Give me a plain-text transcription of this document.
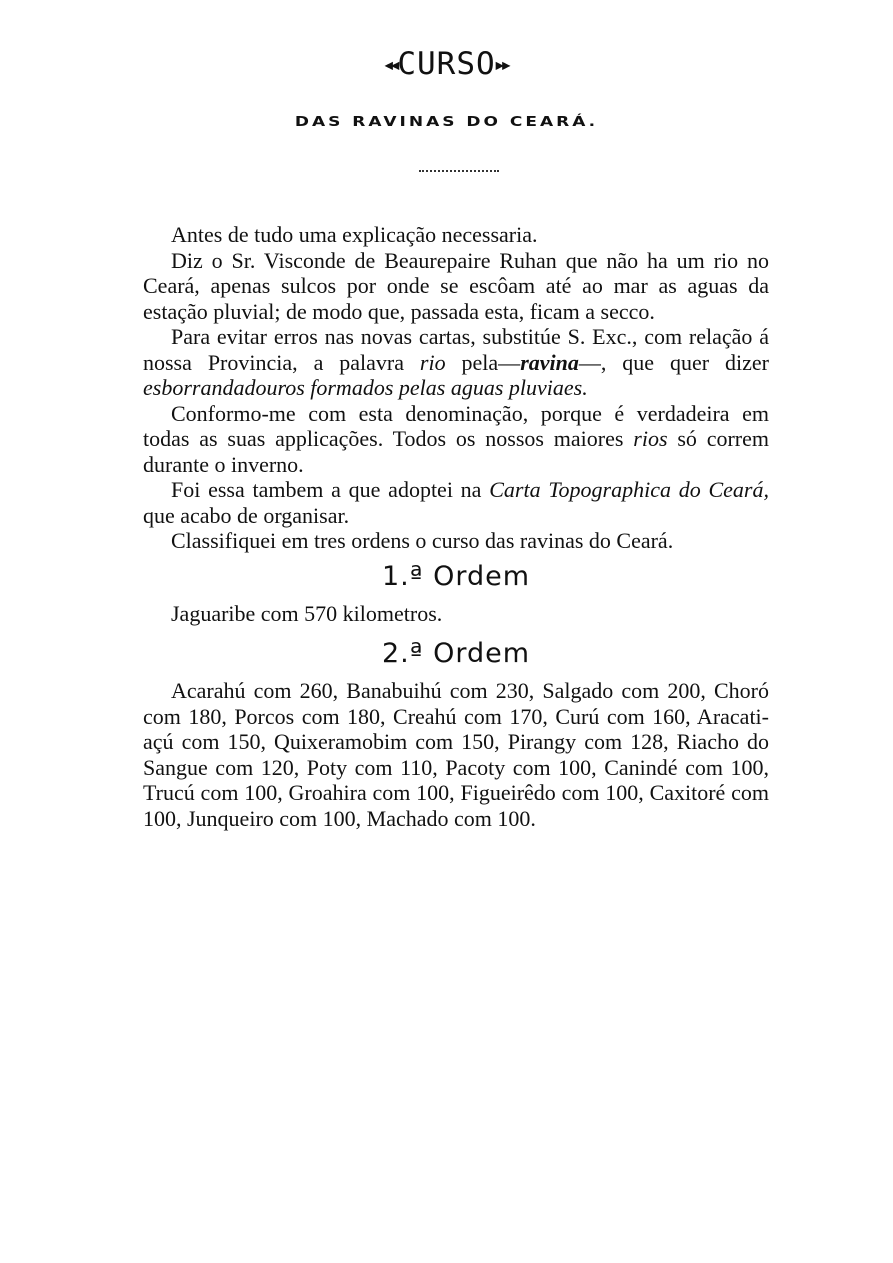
◀◀CURSO▶▶
DAS RAVINAS DO CEARÁ.

Antes de tudo uma explicação necessaria.

Diz o Sr. Visconde de Beaurepaire Ruhan que não ha um rio no Ceará, apenas sulcos por onde se escôam até ao mar as aguas da estação pluvial; de modo que, passada esta, ficam a secco.

Para evitar erros nas novas cartas, substitúe S. Exc., com relação á nossa Provincia, a palavra rio pela—ravina—, que quer dizer esborrandadouros formados pelas aguas pluviaes.

Conformo-me com esta denominação, porque é verdadeira em todas as suas applicações. Todos os nossos maiores rios só correm durante o inverno.

Foi essa tambem a que adoptei na Carta Topographica do Ceará, que acabo de organisar.

Classifiquei em tres ordens o curso das ravinas do Ceará.

1.ª Ordem

Jaguaribe com 570 kilometros.

2.ª Ordem

Acarahú com 260, Banabuihú com 230, Salgado com 200, Choró com 180, Porcos com 180, Creahú com 170, Curú com 160, Aracati-açú com 150, Quixeramobim com 150, Pirangy com 128, Riacho do Sangue com 120, Poty com 110, Pacoty com 100, Canindé com 100, Trucú com 100, Groahira com 100, Figueirêdo com 100, Caxitoré com 100, Junqueiro com 100, Machado com 100.
